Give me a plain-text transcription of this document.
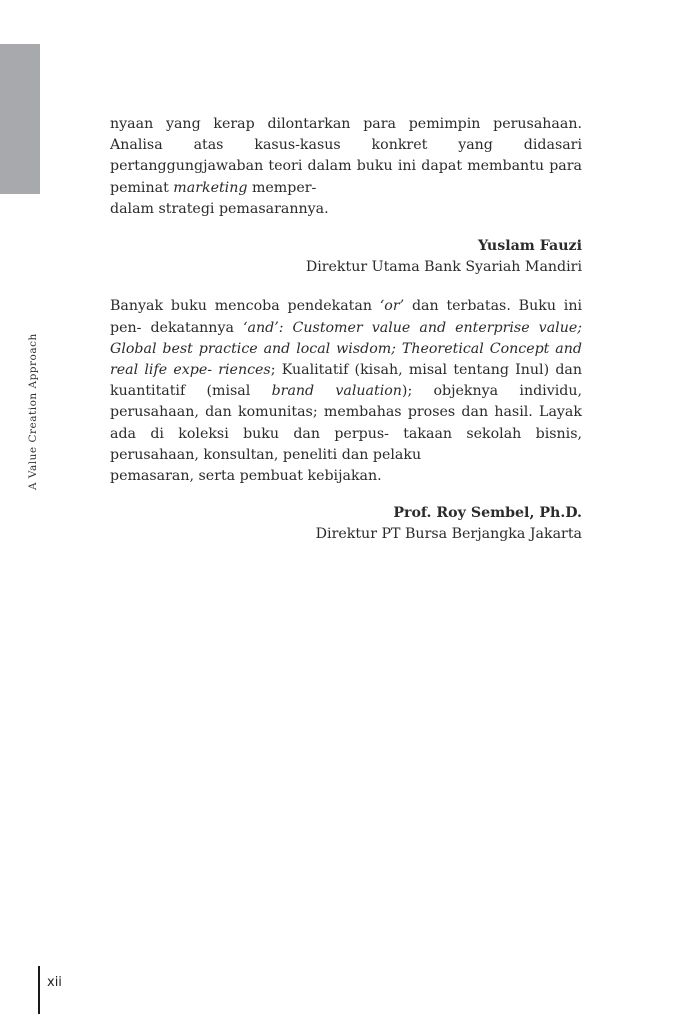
A Value Creation Approach

nyaan yang kerap dilontarkan para pemimpin perusahaan. Analisa atas kasus-kasus konkret yang didasari pertanggungjawaban teori dalam buku ini dapat membantu para peminat marketing memper-
dalam strategi pemasarannya.

Yuslam Fauzi

Direktur Utama Bank Syariah Mandiri

Banyak buku mencoba pendekatan ‘or’ dan terbatas. Buku ini pen- dekatannya ‘and’: Customer value and enterprise value; Global best practice and local wisdom; Theoretical Concept and real life expe- riences; Kualitatif (kisah, misal tentang Inul) dan kuantitatif (misal brand valuation); objeknya individu, perusahaan, dan komunitas; membahas proses dan hasil. Layak ada di koleksi buku dan perpus- takaan sekolah bisnis, perusahaan, konsultan, peneliti dan pelaku
pemasaran, serta pembuat kebijakan.

Prof. Roy Sembel, Ph.D.

Direktur PT Bursa Berjangka Jakarta

xii
